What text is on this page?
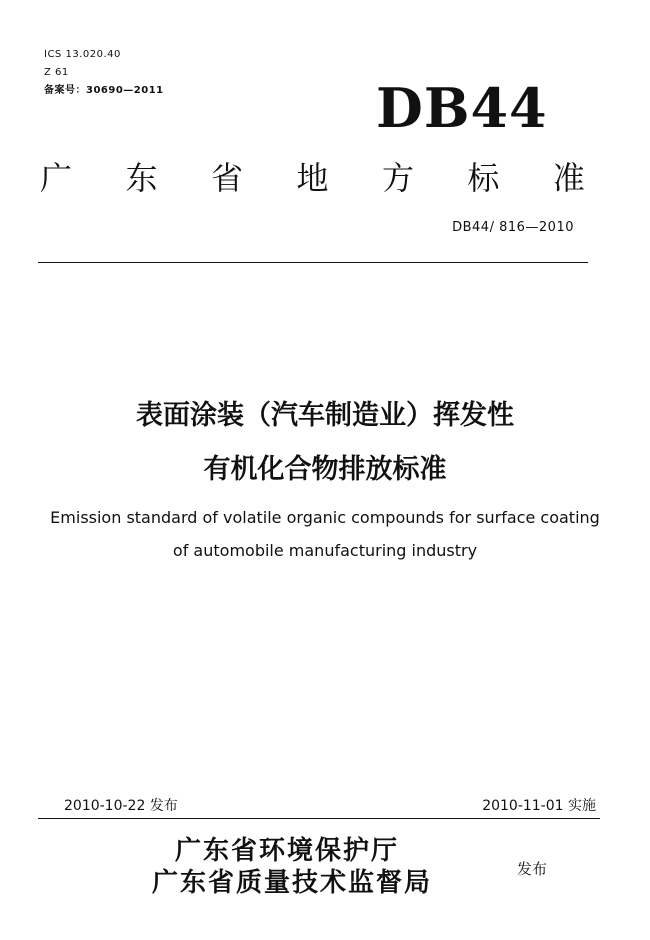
ICS 13.020.40
Z 61
备案号：30690—2011	DB44
广 东 省 地 方 标 准
DB44/ 816—2010
表面涂装（汽车制造业）挥发性
有机化合物排放标准
Emission standard of volatile organic compounds for surface coating
of automobile manufacturing industry
2010-10-22 发布	2010-11-01 实施
广东省环境保护厅
广东省质量技术监督局	发布
